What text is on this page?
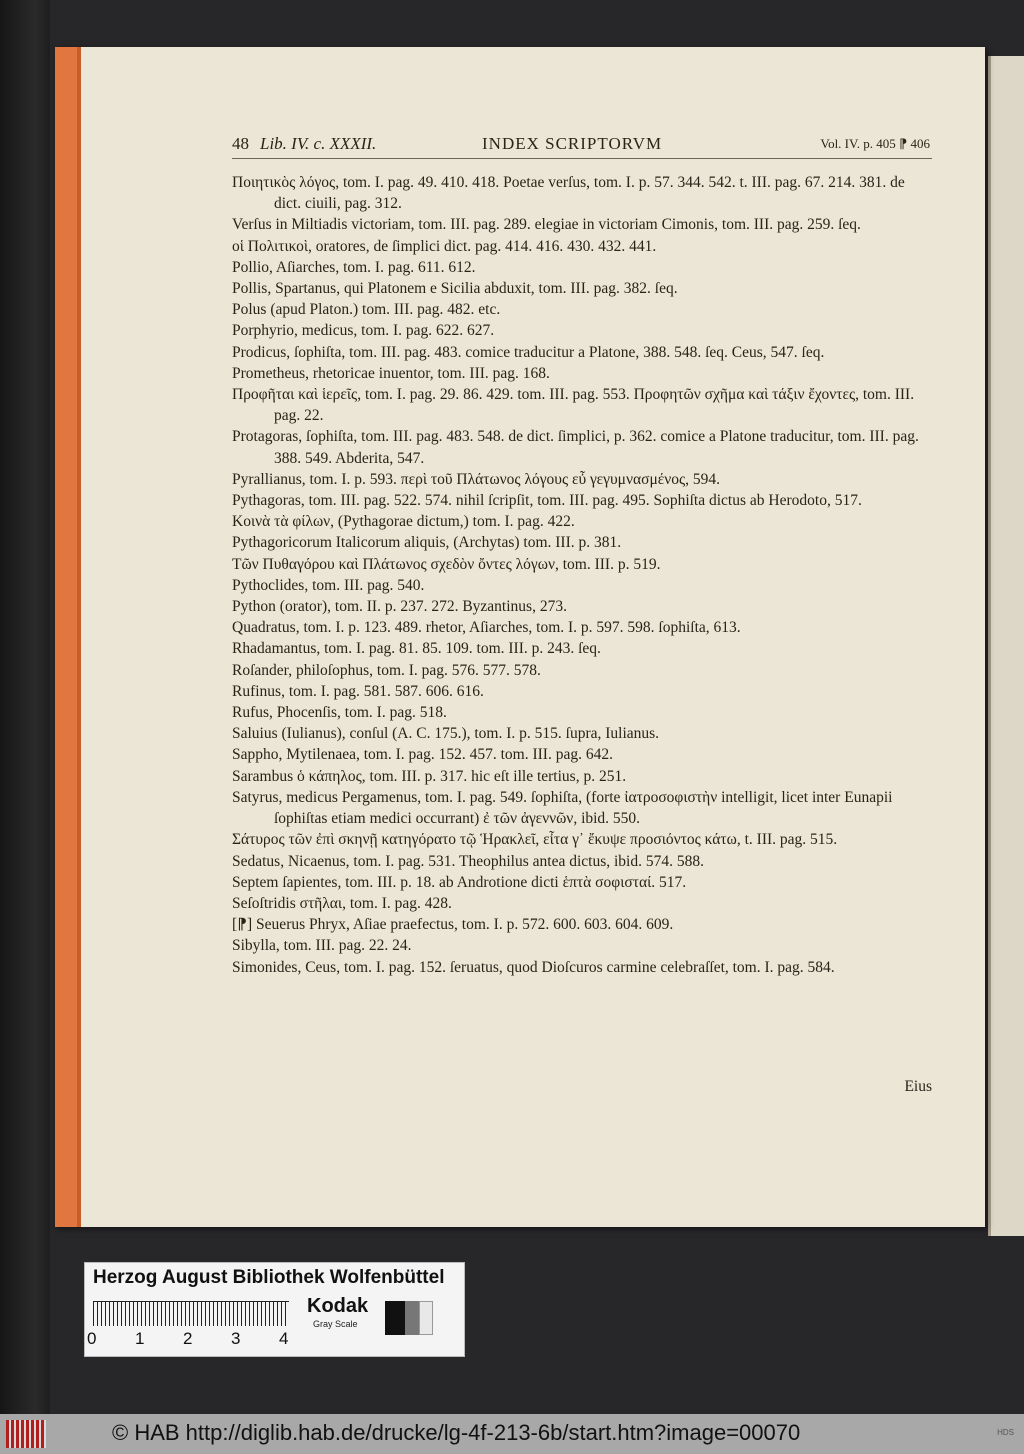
48 Lib. IV. c. XXXII.	INDEX SCRIPTORVM	Vol. IV. p. 405 ⁋ 406
Ποιητικὸς λόγος, tom. I. pag. 49. 410. 418. Poetae verſus, tom. I. p. 57. 344. 542. t. III. pag. 67. 214. 381. de dict. ciuili, pag. 312.
Verſus in Miltiadis victoriam, tom. III. pag. 289. elegiae in victoriam Cimonis, tom. III. pag. 259. ſeq.
οἱ Πολιτικοὶ, oratores, de ſimplici dict. pag. 414. 416. 430. 432. 441.
Pollio, Aſiarches, tom. I. pag. 611. 612.
Pollis, Spartanus, qui Platonem e Sicilia abduxit, tom. III. pag. 382. ſeq.
Polus (apud Platon.) tom. III. pag. 482. etc.
Porphyrio, medicus, tom. I. pag. 622. 627.
Prodicus, ſophiſta, tom. III. pag. 483. comice traducitur a Platone, 388. 548. ſeq. Ceus, 547. ſeq.
Prometheus, rhetoricae inuentor, tom. III. pag. 168.
Προφῆται καὶ ἱερεῖς, tom. I. pag. 29. 86. 429. tom. III. pag. 553. Προφητῶν σχῆμα καὶ τάξιν ἔχοντες, tom. III. pag. 22.
Protagoras, ſophiſta, tom. III. pag. 483. 548. de dict. ſimplici, p. 362. comice a Platone traducitur, tom. III. pag. 388. 549. Abderita, 547.
Pyrallianus, tom. I. p. 593. περὶ τοῦ Πλάτωνος λόγους εὖ γεγυμνασμένος, 594.
Pythagoras, tom. III. pag. 522. 574. nihil ſcripſit, tom. III. pag. 495. Sophiſta dictus ab Herodoto, 517.
Κοινὰ τὰ φίλων, (Pythagorae dictum,) tom. I. pag. 422.
Pythagoricorum Italicorum aliquis, (Archytas) tom. III. p. 381.
Τῶν Πυθαγόρου καὶ Πλάτωνος σχεδὸν ὄντες λόγων, tom. III. p. 519.
Pythoclides, tom. III. pag. 540.
Python (orator), tom. II. p. 237. 272. Byzantinus, 273.
Quadratus, tom. I. p. 123. 489. rhetor, Aſiarches, tom. I. p. 597. 598. ſophiſta, 613.
Rhadamantus, tom. I. pag. 81. 85. 109. tom. III. p. 243. ſeq.
Roſander, philoſophus, tom. I. pag. 576. 577. 578.
Rufinus, tom. I. pag. 581. 587. 606. 616.
Rufus, Phocenſis, tom. I. pag. 518.
Saluius (Iulianus), conſul (A. C. 175.), tom. I. p. 515. ſupra, Iulianus.
Sappho, Mytilenaea, tom. I. pag. 152. 457. tom. III. pag. 642.
Sarambus ὁ κάπηλος, tom. III. p. 317. hic eſt ille tertius, p. 251.
Satyrus, medicus Pergamenus, tom. I. pag. 549. ſophiſta, (forte ἰατροσοφιστὴν intelligit, licet inter Eunapii ſophiſtas etiam medici occurrant) ἐ τῶν ἀγεννῶν, ibid. 550.
Σάτυρος τῶν ἐπὶ σκηνῇ κατηγόρατο τῷ Ἡρακλεῖ, εἶτα γ᾽ ἔκυψε προσιόντος κάτω, t. III. pag. 515.
Sedatus, Nicaenus, tom. I. pag. 531. Theophilus antea dictus, ibid. 574. 588.
Septem ſapientes, tom. III. p. 18. ab Androtione dicti ἑπτὰ σοφισταί. 517.
Seſoſtridis στῆλαι, tom. I. pag. 428.
[⁋] Seuerus Phryx, Aſiae praefectus, tom. I. p. 572. 600. 603. 604. 609.
Sibylla, tom. III. pag. 22. 24.
Simonides, Ceus, tom. I. pag. 152. ſeruatus, quod Dioſcuros carmine celebraſſet, tom. I. pag. 584.
Eius
Herzog August Bibliothek Wolfenbüttel
0 1 2 3 4
Kodak
Gray Scale
© HAB http://diglib.hab.de/drucke/lg-4f-213-6b/start.htm?image=00070	HDS
